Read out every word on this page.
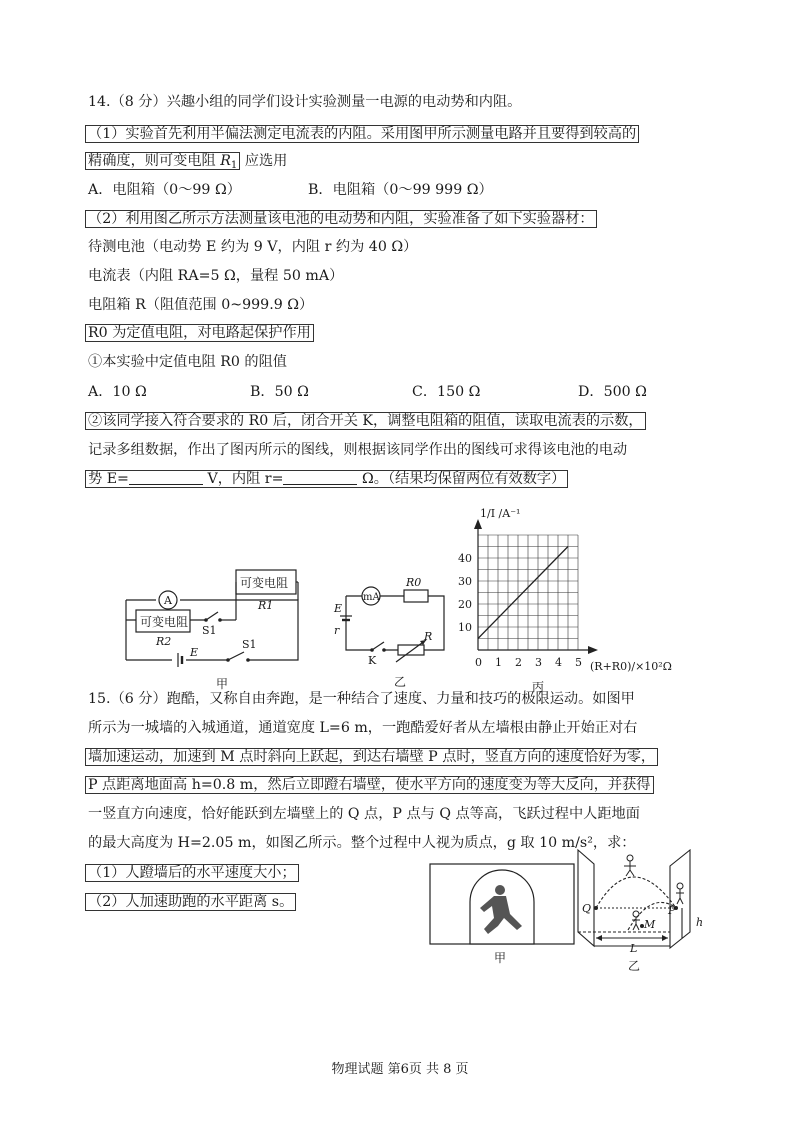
14.（8 分）兴趣小组的同学们设计实验测量一电源的电动势和内阻。
（1）实验首先利用半偏法测定电流表的内阻。采用图甲所示测量电路并且要得到较高的
精确度，则可变电阻 $R_1$ 应选用
A．电阻箱（0～99 Ω）	B．电阻箱（0～99 999 Ω）
（2）利用图乙所示方法测量该电池的电动势和内阻，实验准备了如下实验器材：
待测电池（电动势 E 约为 9 V，内阻 r 约为 40 Ω）
电流表（内阻 RA=5 Ω，量程 50 mA）
电阻箱 R（阻值范围 0~999.9 Ω）
R0 为定值电阻，对电路起保护作用
①本实验中定值电阻 R0 的阻值
A．10 Ω	B．50 Ω	C．150 Ω	D．500 Ω
②该同学接入符合要求的 R0 后，闭合开关 K，调整电阻箱的阻值，读取电流表的示数，
记录多组数据，作出了图丙所示的图线，则根据该同学作出的图线可求得该电池的电动
势 E=	V，内阻 r=	Ω。（结果均保留两位有效数字）
A
可变电阻
R1
可变电阻
R2
S1
S1
E
甲
mA
R0
R
E
r
K
乙
10
20
30
40
0 1 2 3 4 5
1/I /A⁻¹
(R+R0)/×10²Ω
丙
15.（6 分）跑酷，又称自由奔跑，是一种结合了速度、力量和技巧的极限运动。如图甲
所示为一城墙的入城通道，通道宽度 L=6 m，一跑酷爱好者从左墙根由静止开始正对右
墙加速运动，加速到 M 点时斜向上跃起，到达右墙壁 P 点时，竖直方向的速度恰好为零，
P 点距离地面高 h=0.8 m，然后立即蹬右墙壁，使水平方向的速度变为等大反向，并获得
一竖直方向速度，恰好能跃到左墙壁上的 Q 点，P 点与 Q 点等高，飞跃过程中人距地面
的最大高度为 H=2.05 m，如图乙所示。整个过程中人视为质点，g 取 10 m/s²，求：
（1）人蹬墙后的水平速度大小；
（2）人加速助跑的水平距离 s。
甲
Q	P
M	h
L
乙
物理试题 第6页 共 8 页
